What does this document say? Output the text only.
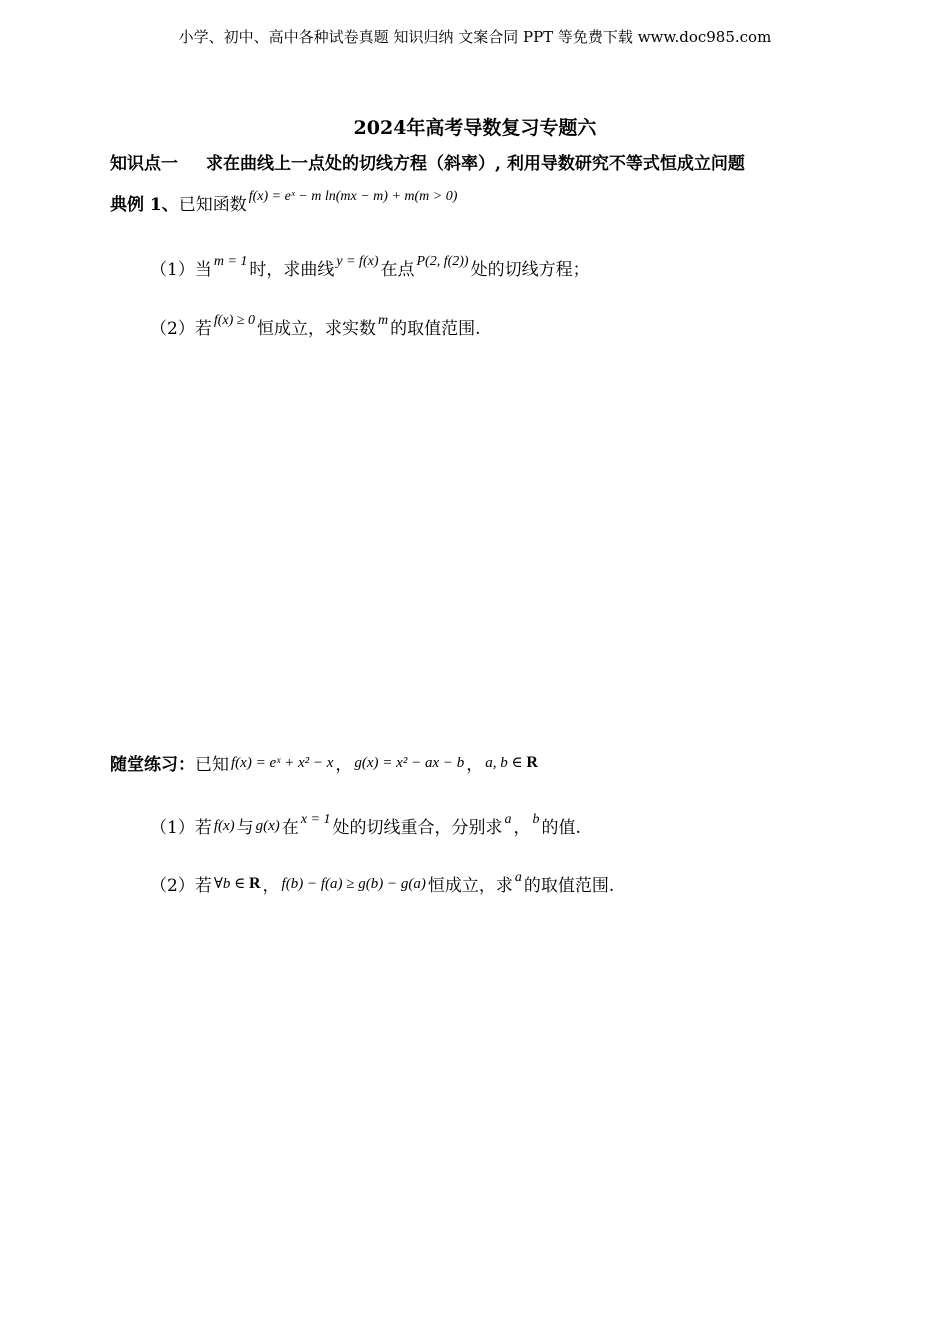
小学、初中、高中各种试卷真题 知识归纳 文案合同 PPT 等免费下载 www.doc985.com
2024年高考导数复习专题六
知识点一 求在曲线上一点处的切线方程（斜率）, 利用导数研究不等式恒成立问题
典例 1、已知函数 $^{f(x) = eˣ - m ln(mx - m) + m(m > 0)}$
（1）当 $^{m = 1}$ 时，求曲线 $^{y = f(x)}$ 在点 $^{P(2, f(2))}$ 处的切线方程；
（2）若 $^{f(x) \ge 0}$ 恒成立，求实数 $^m$ 的取值范围.
随堂练习：已知 f(x) = eˣ + x² − x ， g(x) = x² − ax − b ， a, b ∈ R
（1）若 f(x) 与 g(x) 在 $^{x = 1}$ 处的切线重合，分别求 $^a$ ， $^b$ 的值.
（2）若 ∀b ∈ R ， f(b) − f(a) ≥ g(b) − g(a) 恒成立，求 $^a$ 的取值范围.
